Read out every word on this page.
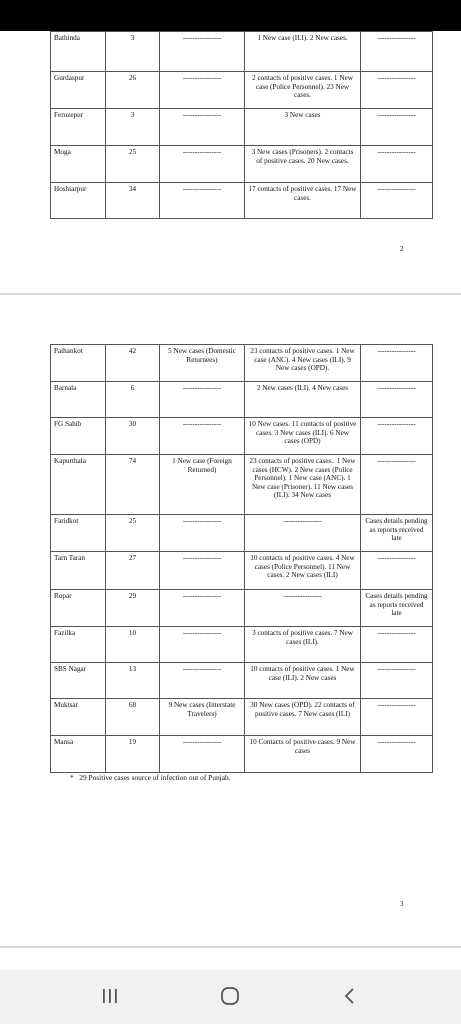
Bathinda	3	----------------	1 New case (ILI). 2 New cases.	----------------
Gurdaspur	26	----------------	2 contacts of positive cases. 1 New case (Police Personnel). 23 New cases.	----------------
Ferozepur	3	----------------	3 New cases	----------------
Moga	25	----------------	3 New cases (Prisoners). 2 contacts of positive cases. 20 New cases.	----------------
Hoshiarpur	34	----------------	17 contacts of positive cases. 17 New cases.	----------------
2
Pathankot	42	5 New cases (Domestic Returnees)	23 contacts of positive cases. 1 New case (ANC). 4 New cases (ILI). 9 New cases (OPD).	----------------
Barnala	6	----------------	2 New cases (ILI). 4 New cases	----------------
FG Sahib	30	----------------	10 New cases. 11 contacts of positive cases. 3 New cases (ILI). 6 New cases (OPD)	----------------
Kapurthala	74	1 New case (Foreign Returned)	23 contacts of positive cases.. 1 New cases (HCW). 2 New cases (Police Personnel). 1 New case (ANC). 1 New case (Prisoner). 11 New cases (ILI). 34 New cases	----------------
Faridkot	25	----------------	----------------	Cases details pending as reports received late
Tarn Taran	27	----------------	10 contacts of positive cases. 4 New cases (Police Personnel). 11 New cases. 2 New cases (ILI)	----------------
Ropar	29	----------------	----------------	Cases details pending as reports received late
Fazilka	10	----------------	3 contacts of positive cases. 7 New cases (ILI).	----------------
SBS Nagar	13	----------------	10 contacts of positive cases. 1 New case (ILI). 2 New cases	----------------
Muktsar	68	9 New cases (Interstate Travelers)	30 New cases (OPD). 22 contacts of positive cases. 7 New cases (ILI)	----------------
Mansa	19	----------------	10 Contacts of positive cases. 9 New cases	----------------
* 29 Positive cases source of infection out of Punjab.
3
